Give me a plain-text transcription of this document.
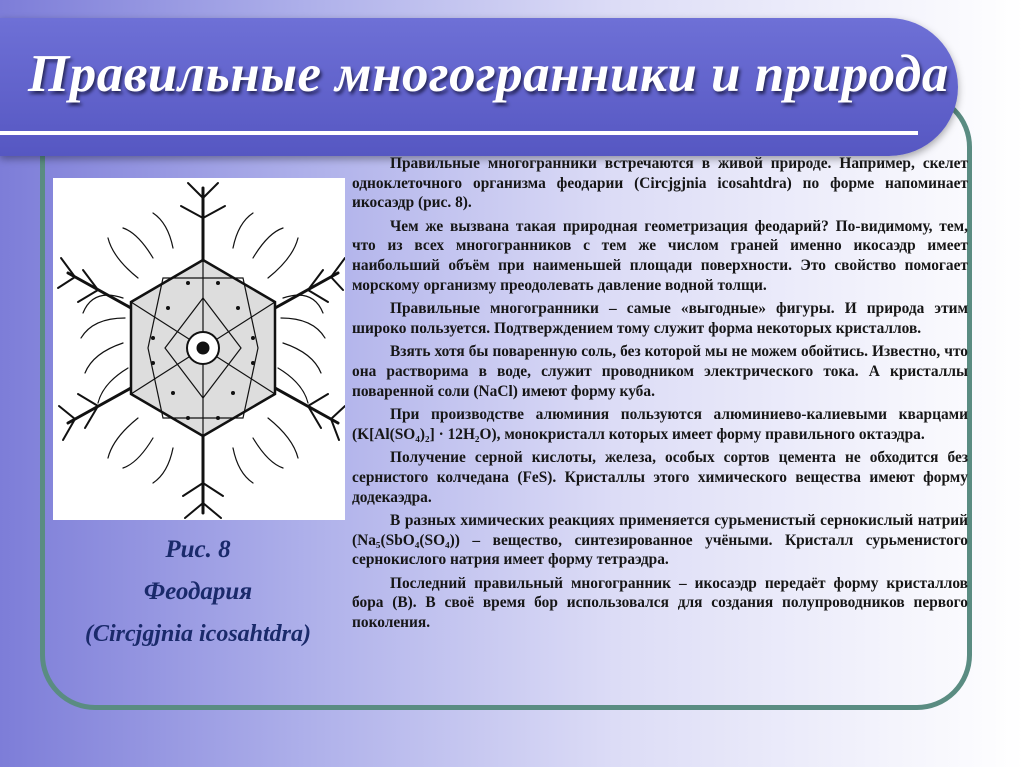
Правильные многогранники и природа
Рис. 8
Феодария
(Circjgjnia icosahtdra)

Правильные многогранники встречаются в живой природе. Например, скелет одноклеточного организма феодарии (Circjgjnia icosahtdra) по форме напоминает икосаэдр (рис. 8).

Чем же вызвана такая природная геометризация феодарий? По-видимому, тем, что из всех многогранников с тем же числом граней именно икосаэдр имеет наибольший объём при наименьшей площади поверхности. Это свойство помогает морскому организму преодолевать давление водной толщи.

Правильные многогранники – самые «выгодные» фигуры. И природа этим широко пользуется. Подтверждением тому служит форма некоторых кристаллов.

Взять хотя бы поваренную соль, без которой мы не можем обойтись. Известно, что она растворима в воде, служит проводником электрического тока. А кристаллы поваренной соли (NaCl) имеют форму куба.

При производстве алюминия пользуются алюминиево-калиевыми кварцами (K[Al(SO₄)₂] · 12H₂O), монокристалл которых имеет форму правильного октаэдра.

Получение серной кислоты, железа, особых сортов цемента не обходится без сернистого колчедана (FeS). Кристаллы этого химического вещества имеют форму додекаэдра.

В разных химических реакциях применяется сурьменистый сернокислый натрий (Na₅(SbO₄(SO₄)) – вещество, синтезированное учёными. Кристалл сурьменистого сернокислого натрия имеет форму тетраэдра.

Последний правильный многогранник – икосаэдр передаёт форму кристаллов бора (B). В своё время бор использовался для создания полупроводников первого поколения.
